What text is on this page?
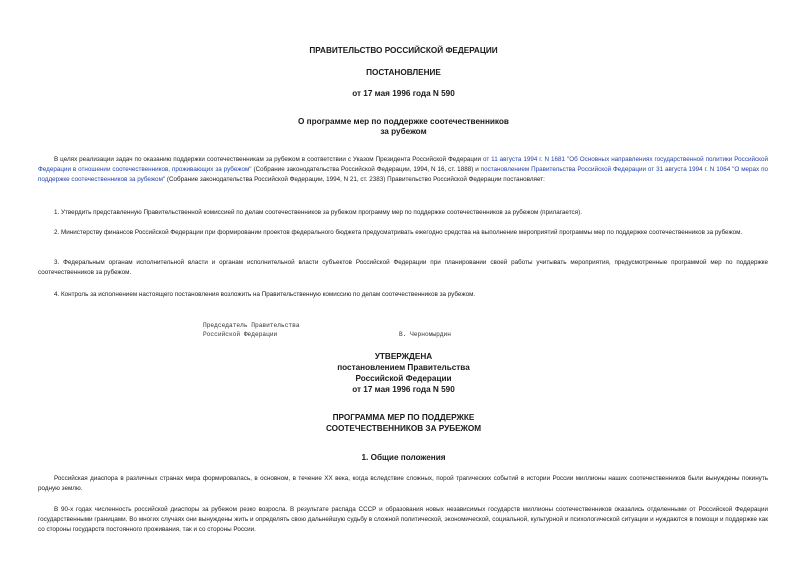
ПРАВИТЕЛЬСТВО РОССИЙСКОЙ ФЕДЕРАЦИИ
ПОСТАНОВЛЕНИЕ
от 17 мая 1996 года N 590
О программе мер по поддержке соотечественников
за рубежом
В целях реализации задач по оказанию поддержки соотечественникам за рубежом в соответствии с Указом Президента Российской Федерации от 11 августа 1994 г. N 1681 "Об Основных направлениях государственной политики Российской Федерации в отношении соотечественников, проживающих за рубежом" (Собрание законодательства Российской Федерации, 1994, N 16, ст. 1888) и постановлением Правительства Российской Федерации от 31 августа 1994 г. N 1064 "О мерах по поддержке соотечественников за рубежом" (Собрание законодательства Российской Федерации, 1994, N 21, ст. 2383) Правительство Российской Федерации постановляет:
1. Утвердить представленную Правительственной комиссией по делам соотечественников за рубежом программу мер по поддержке соотечественников за рубежом (прилагается).
2. Министерству финансов Российской Федерации при формировании проектов федерального бюджета предусматривать ежегодно средства на выполнение мероприятий программы мер по поддержке соотечественников за рубежом.
3. Федеральным органам исполнительной власти и органам исполнительной власти субъектов Российской Федерации при планировании своей работы учитывать мероприятия, предусмотренные программой мер по поддержке соотечественников за рубежом.
4. Контроль за исполнением настоящего постановления возложить на Правительственную комиссию по делам соотечественников за рубежом.
Председатель Правительства
Российской Федерации	В. Черномырдин
УТВЕРЖДЕНА
постановлением Правительства
Российской Федерации
от 17 мая 1996 года N 590
ПРОГРАММА МЕР ПО ПОДДЕРЖКЕ
СООТЕЧЕСТВЕННИКОВ ЗА РУБЕЖОМ
1. Общие положения
Российская диаспора в различных странах мира формировалась, в основном, в течение XX века, когда вследствие сложных, порой трагических событий в истории России миллионы наших соотечественников были вынуждены покинуть родную землю.
В 90-х годах численность российской диаспоры за рубежом резко возросла. В результате распада СССР и образования новых независимых государств миллионы соотечественников оказались отделенными от Российской Федерации государственными границами. Во многих случаях они вынуждены жить и определять свою дальнейшую судьбу в сложной политической, экономической, социальной, культурной и психологической ситуации и нуждаются в помощи и поддержке как со стороны государств постоянного проживания, так и со стороны России.
